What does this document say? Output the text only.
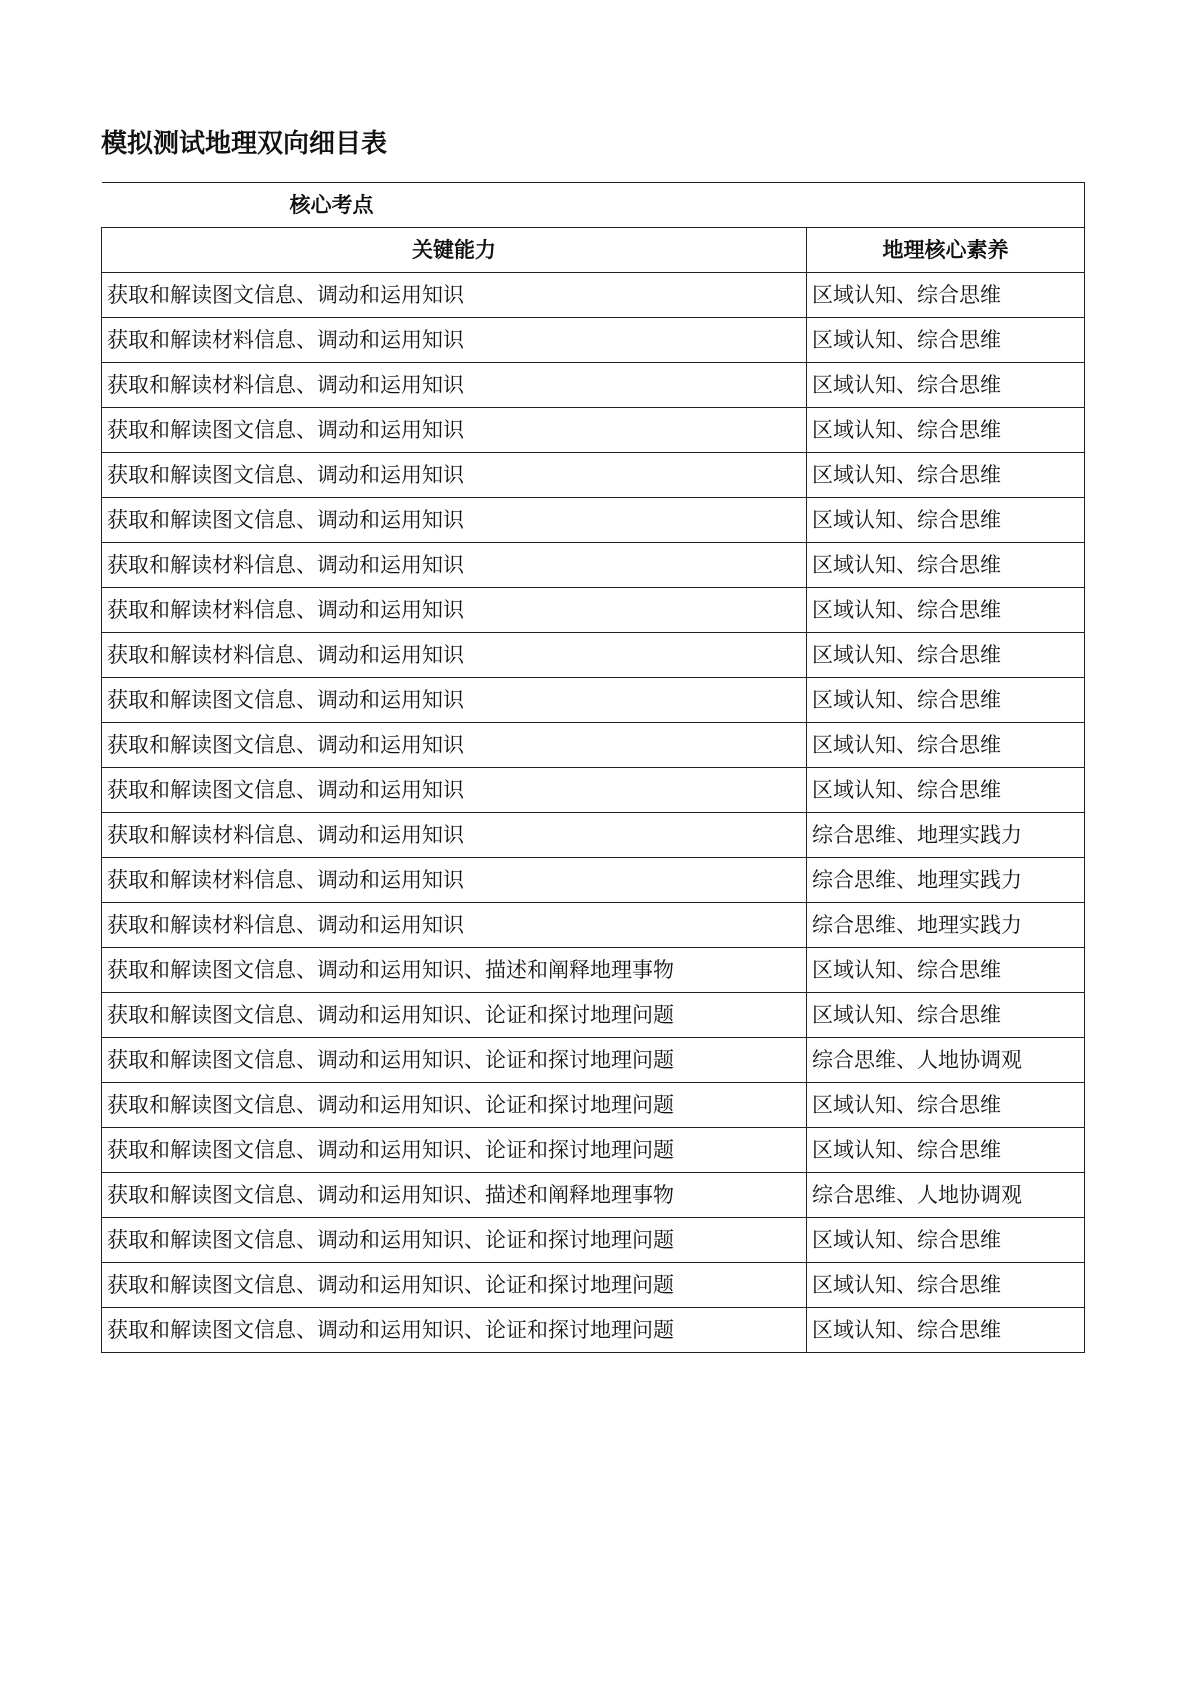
模拟测试地理双向细目表
核心考点	
关键能力	地理核心素养
获取和解读图文信息、调动和运用知识	区域认知、综合思维
获取和解读材料信息、调动和运用知识	区域认知、综合思维
获取和解读材料信息、调动和运用知识	区域认知、综合思维
获取和解读图文信息、调动和运用知识	区域认知、综合思维
获取和解读图文信息、调动和运用知识	区域认知、综合思维
获取和解读图文信息、调动和运用知识	区域认知、综合思维
获取和解读材料信息、调动和运用知识	区域认知、综合思维
获取和解读材料信息、调动和运用知识	区域认知、综合思维
获取和解读材料信息、调动和运用知识	区域认知、综合思维
获取和解读图文信息、调动和运用知识	区域认知、综合思维
获取和解读图文信息、调动和运用知识	区域认知、综合思维
获取和解读图文信息、调动和运用知识	区域认知、综合思维
获取和解读材料信息、调动和运用知识	综合思维、地理实践力
获取和解读材料信息、调动和运用知识	综合思维、地理实践力
获取和解读材料信息、调动和运用知识	综合思维、地理实践力
获取和解读图文信息、调动和运用知识、描述和阐释地理事物	区域认知、综合思维
获取和解读图文信息、调动和运用知识、论证和探讨地理问题	区域认知、综合思维
获取和解读图文信息、调动和运用知识、论证和探讨地理问题	综合思维、人地协调观
获取和解读图文信息、调动和运用知识、论证和探讨地理问题	区域认知、综合思维
获取和解读图文信息、调动和运用知识、论证和探讨地理问题	区域认知、综合思维
获取和解读图文信息、调动和运用知识、描述和阐释地理事物	综合思维、人地协调观
获取和解读图文信息、调动和运用知识、论证和探讨地理问题	区域认知、综合思维
获取和解读图文信息、调动和运用知识、论证和探讨地理问题	区域认知、综合思维
获取和解读图文信息、调动和运用知识、论证和探讨地理问题	区域认知、综合思维
